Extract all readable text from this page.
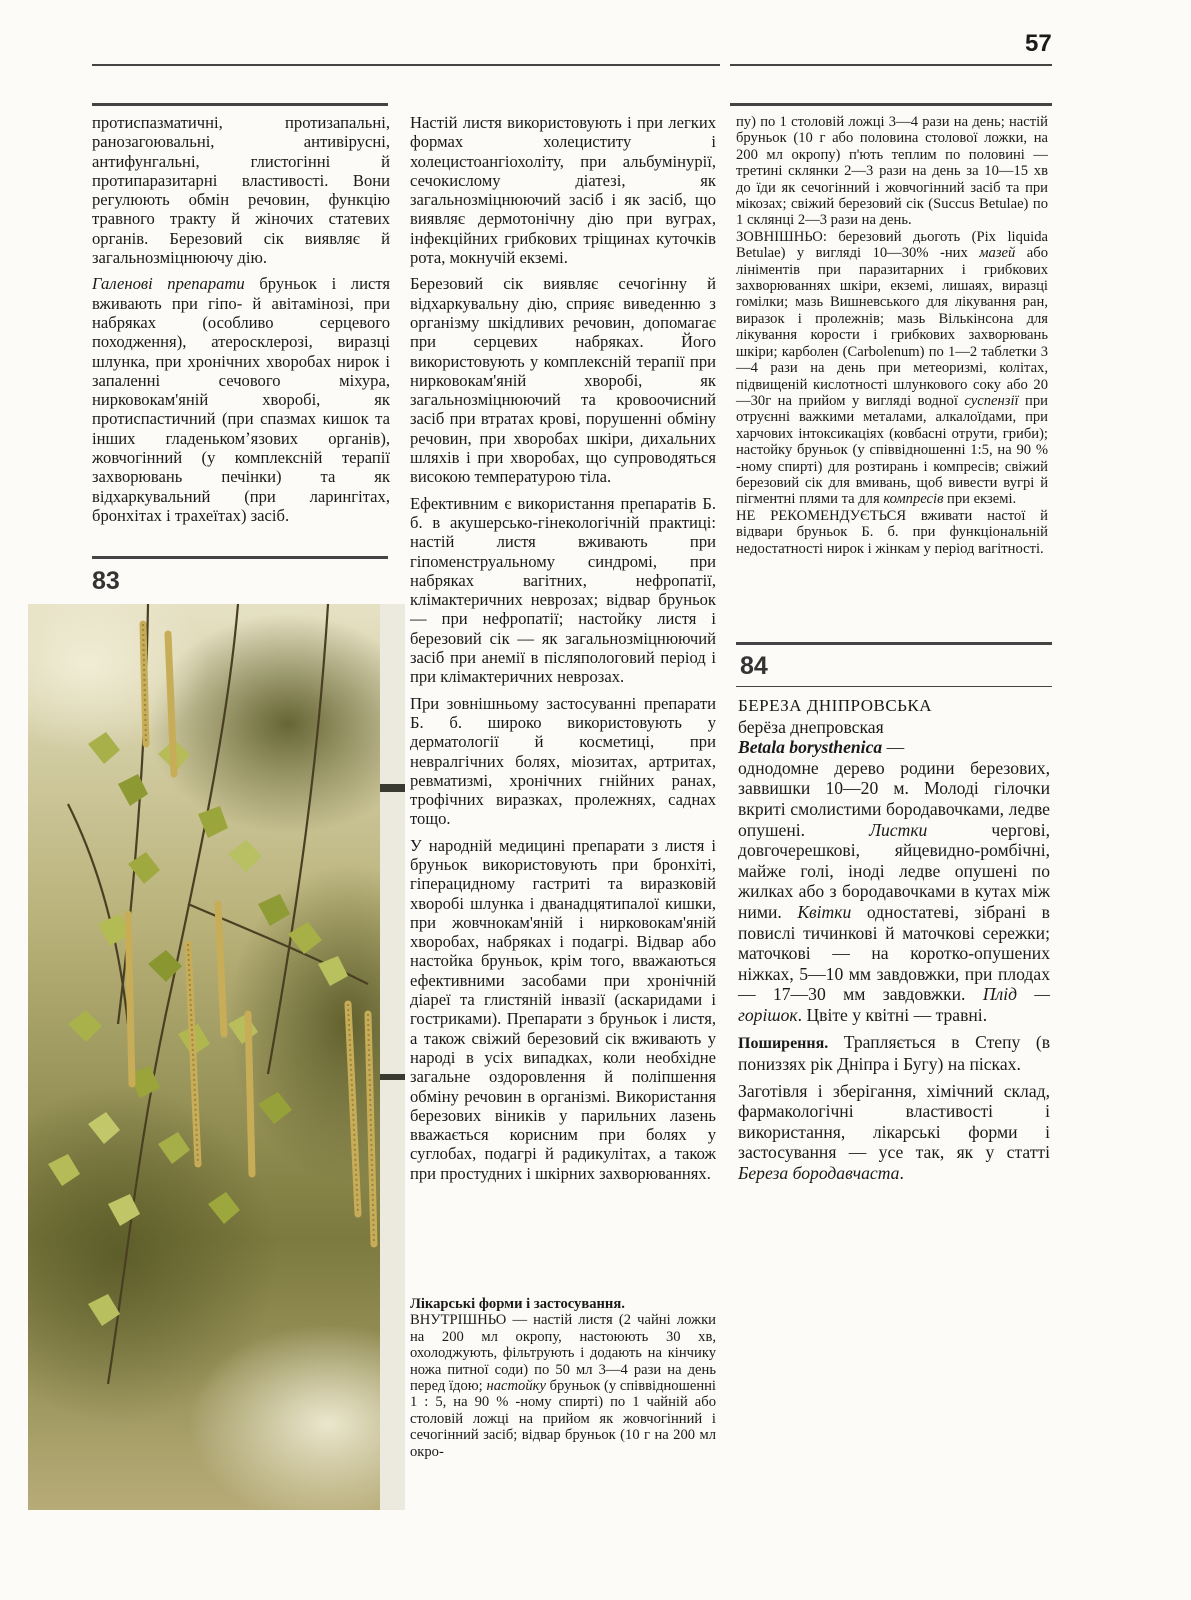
57

протиспазматичні, протизапальні, ранозагоювальні, антивірусні, антифунгальні, глистогінні й протипаразитарні властивості. Вони регулюють обмін речовин, функцію травного тракту й жіночих статевих органів. Березовий сік виявляє й загальнозміцнюючу дію.

Галенові препарати бруньок і листя вживають при гіпо- й авітамінозі, при набряках (особливо серцевого походження), атеросклерозі, виразці шлунка, при хронічних хворобах нирок і запаленні сечового міхура, нирковокам'яній хворобі, як протиспастичний (при спазмах кишок та інших гладенькомʼязових органів), жовчогінний (у комплексній терапії захворювань печінки) та як відхаркувальний (при ларингітах, бронхітах і трахеїтах) засіб.

83

Настій листя використовують і при легких формах холециститу і холецистоангіохоліту, при альбумінурії, сечокислому діатезі, як загальнозміцнюючий засіб і як засіб, що виявляє дермотонічну дію при вуграх, інфекційних грибкових тріщинах куточків рота, мокнучій екземі.

Березовий сік виявляє сечогінну й відхаркувальну дію, сприяє виведенню з організму шкідливих речовин, допомагає при серцевих набряках. Його використовують у комплексній терапії при нирковокам'яній хворобі, як загальнозміцнюючий та кровоочисний засіб при втратах крові, порушенні обміну речовин, при хворобах шкіри, дихальних шляхів і при хворобах, що супроводяться високою температурою тіла.

Ефективним є використання препаратів Б. б. в акушерсько-гінекологічній практиці: настій листя вживають при гіпоменструальному синдромі, при набряках вагітних, нефропатії, клімактеричних неврозах; відвар бруньок — при нефропатії; настойку листя і березовий сік — як загальнозміцнюючий засіб при анемії в післяпологовий період і при клімактеричних неврозах.

При зовнішньому застосуванні препарати Б. б. широко використовують у дерматології й косметиці, при невралгічних болях, міозитах, артритах, ревматизмі, хронічних гнійних ранах, трофічних виразках, пролежнях, саднах тощо.

У народній медицині препарати з листя і бруньок використовують при бронхіті, гіперацидному гастриті та виразковій хворобі шлунка і дванадцятипалої кишки, при жовчнокам'яній і нирковокам'яній хворобах, набряках і подагрі. Відвар або настойка бруньок, крім того, вважаються ефективними засобами при хронічній діареї та глистяній інвазії (аскаридами і гостриками). Препарати з бруньок і листя, а також свіжий березовий сік вживають у народі в усіх випадках, коли необхідне загальне оздоровлення й поліпшення обміну речовин в організмі. Використання березових віників у парильних лазень вважається корисним при болях у суглобах, подагрі й радикулітах, а також при простудних і шкірних захворюваннях.

Лікарські форми і застосування.
ВНУТРІШНЬО — настій листя (2 чайні ложки на 200 мл окропу, настоюють 30 хв, охолоджують, фільтрують і додають на кінчику ножа питної соди) по 50 мл 3—4 рази на день перед їдою; настойку бруньок (у співвідношенні 1 : 5, на 90 % -ному спирті) по 1 чайній або столовій ложці на прийом як жовчогінний і сечогінний засіб; відвар бруньок (10 г на 200 мл окро-

пу) по 1 столовій ложці 3—4 рази на день; настій бруньок (10 г або половина столової ложки, на 200 мл окропу) п'ють теплим по половині — третині склянки 2—3 рази на день за 10—15 хв до їди як сечогінний і жовчогінний засіб та при мікозах; свіжий березовий сік (Succus Betulae) по 1 склянці 2—3 рази на день.

ЗОВНІШНЬО: березовий дьоготь (Pix liquida Betulae) у вигляді 10—30% -них мазей або лініментів при паразитарних і грибкових захворюваннях шкіри, екземі, лишаях, виразці гомілки; мазь Вишневського для лікування ран, виразок і пролежнів; мазь Вількінсона для лікування корости і грибкових захворювань шкіри; карболен (Carbolenum) по 1—2 таблетки 3—4 рази на день при метеоризмі, колітах, підвищеній кислотності шлункового соку або 20—30г на прийом у вигляді водної суспензії при отруєнні важкими металами, алкалоїдами, при харчових інтоксикаціях (ковбасні отрути, гриби); настойку бруньок (у співвідношенні 1:5, на 90 % -ному спирті) для розтирань і компресів; свіжий березовий сік для вмивань, щоб вивести вугрі й пігментні плями та для компресів при екземі.

НЕ РЕКОМЕНДУЄТЬСЯ вживати настої й відвари бруньок Б. б. при функціональній недостатності нирок і жінкам у період вагітності.

84
БЕРЕЗА ДНІПРОВСЬКА
берёза днепровская
Betala borysthenica —

однодомне дерево родини березових, заввишки 10—20 м. Молоді гілочки вкриті смолистими бородавочками, ледве опушені. Листки чергові, довгочерешкові, яйцевидно-ромбічні, майже голі, іноді ледве опушені по жилках або з бородавочками в кутах між ними. Квітки одностатеві, зібрані в повислі тичинкові й маточкові сережки; маточкові — на коротко-опушених ніжках, 5—10 мм завдовжки, при плодах — 17—30 мм завдовжки. Плід — горішок. Цвіте у квітні — травні.

Поширення. Трапляється в Степу (в пониззях рік Дніпра і Бугу) на пісках.

Заготівля і зберігання, хімічний склад, фармакологічні властивості і використання, лікарські форми і застосування — усе так, як у статті Береза бородавчаста.
